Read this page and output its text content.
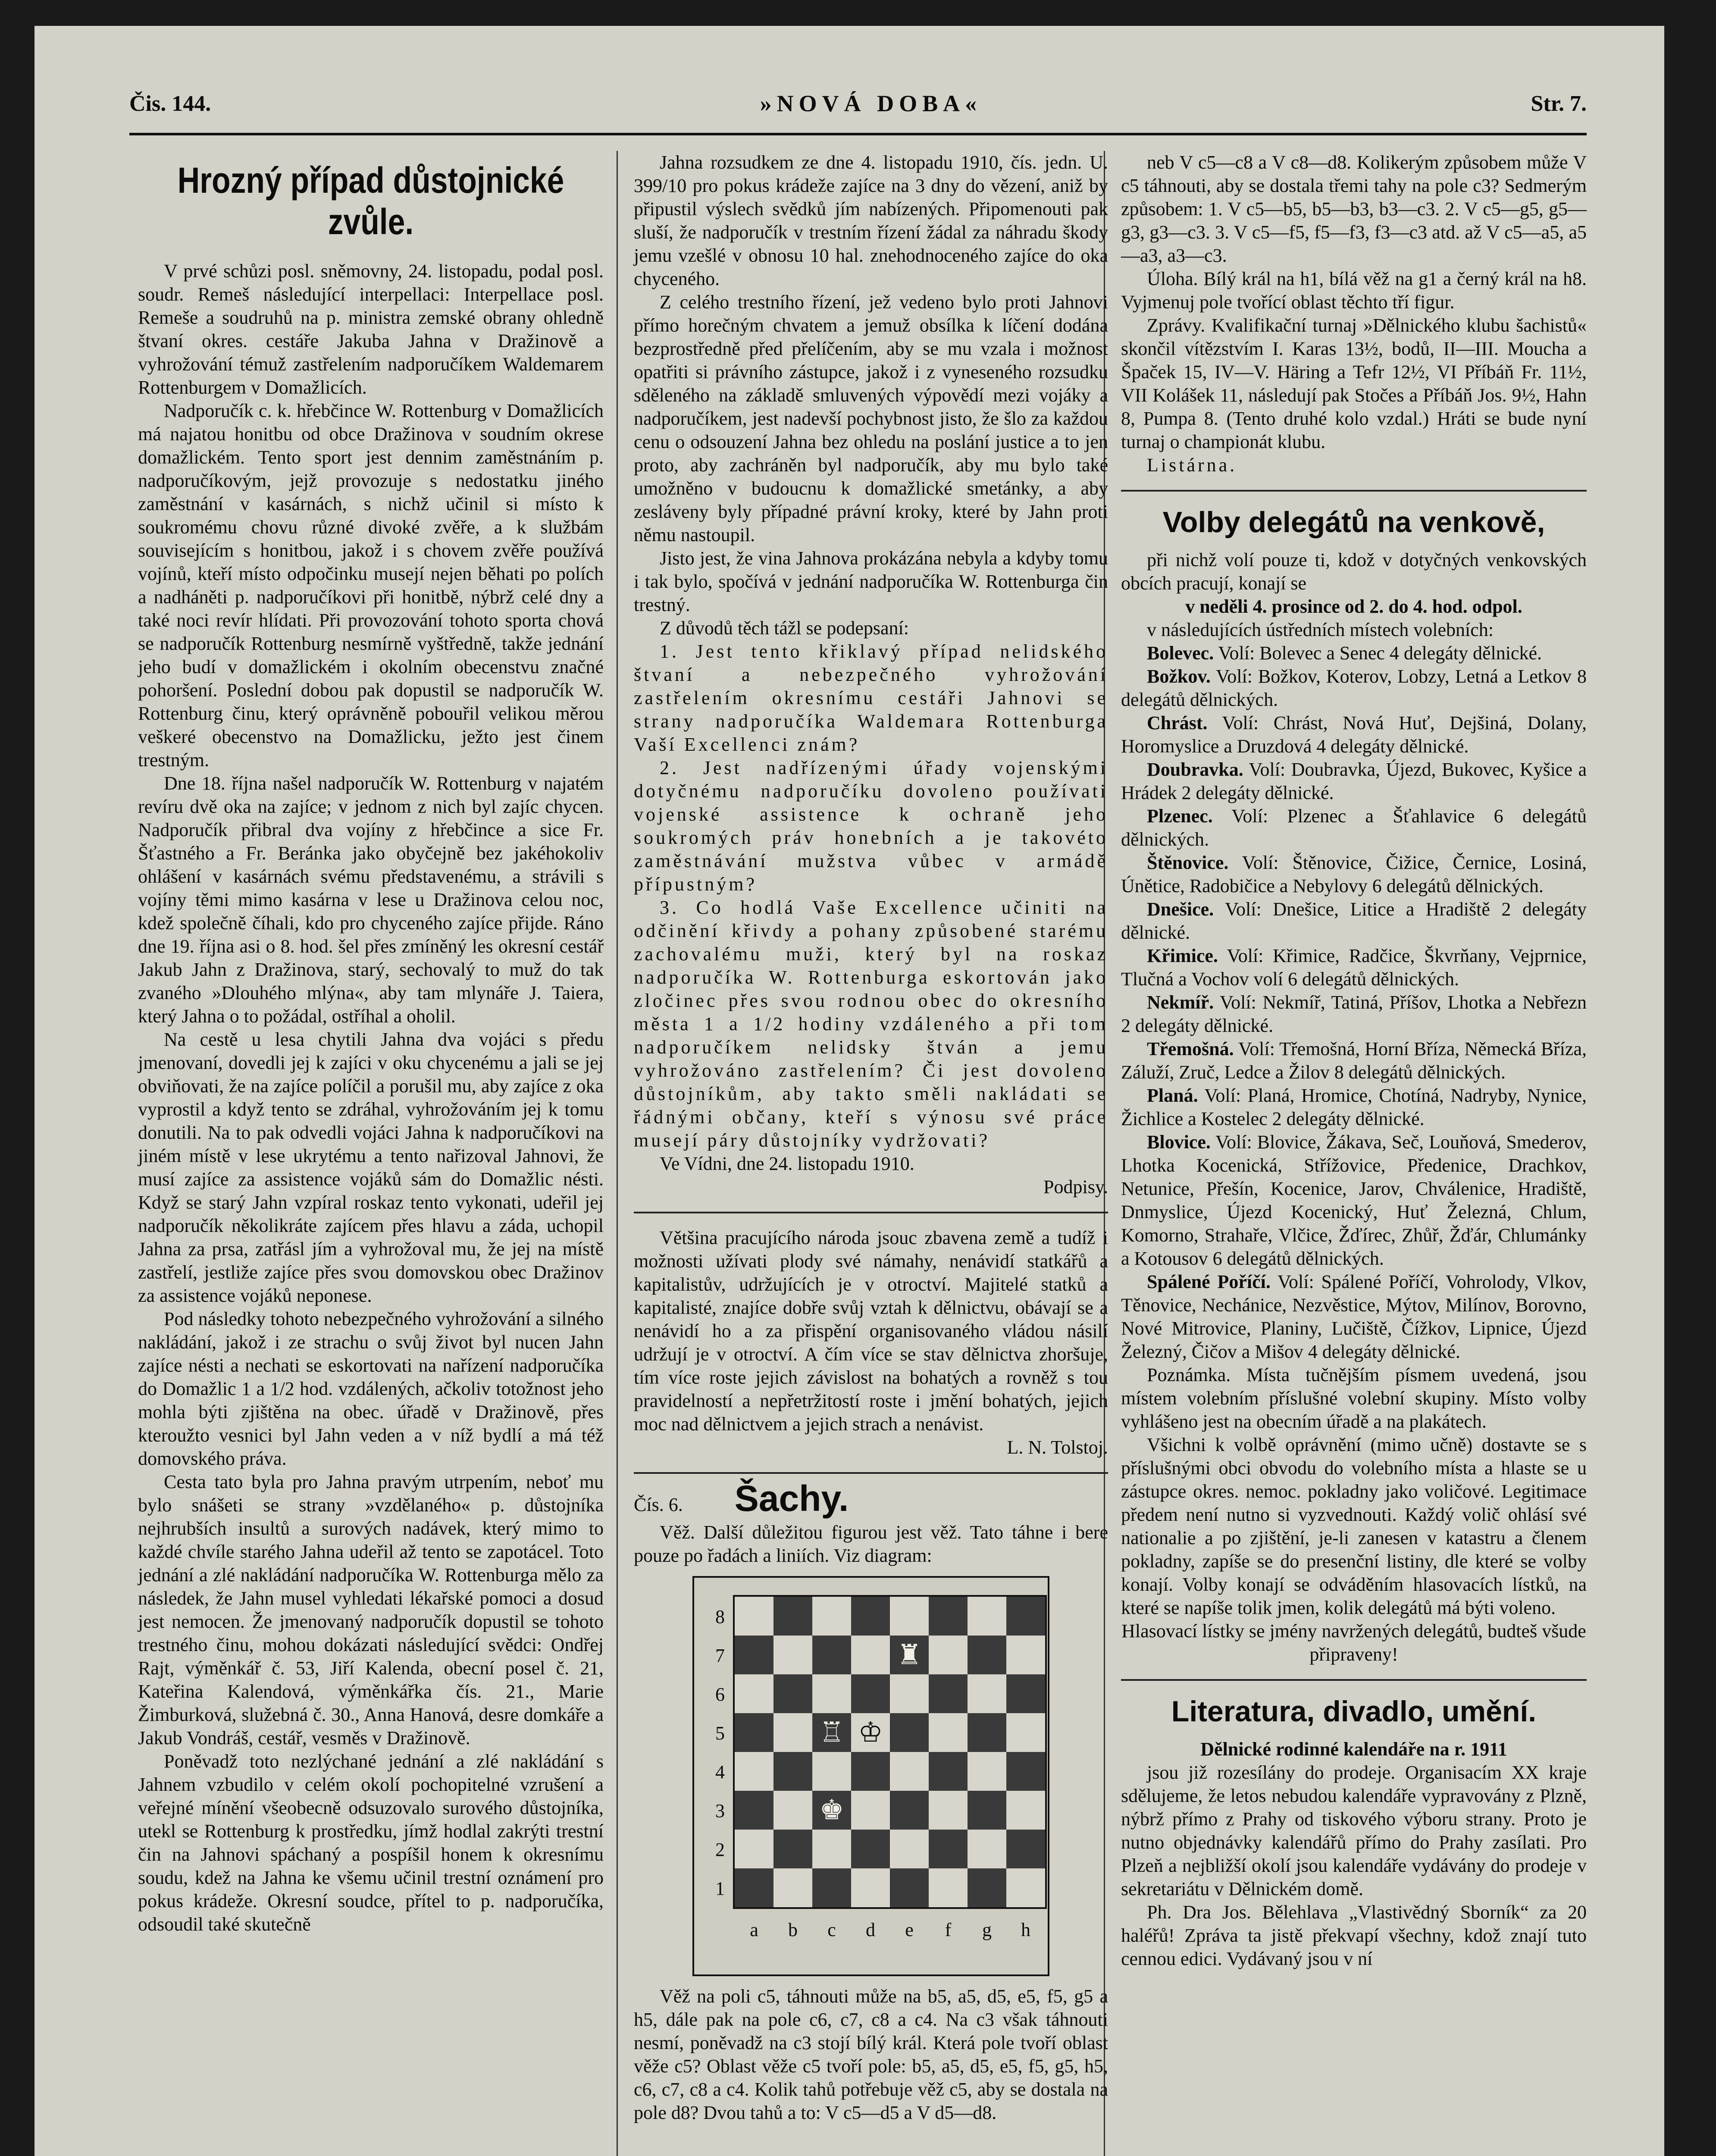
Čis. 144.	»NOVÁ DOBA«	Str. 7.
Hrozný případ důstojnické zvůle.

V prvé schůzi posl. sněmovny, 24. listopadu, podal posl. soudr. Remeš následující interpellaci: Interpellace posl. Remeše a soudruhů na p. ministra zemské obrany ohledně štvaní okres. cestáře Jakuba Jahna v Dražinově a vyhrožování témuž zastřelením nadporučíkem Waldemarem Rottenburgem v Domažlicích.

Nadporučík c. k. hřebčince W. Rottenburg v Domažlicích má najatou honitbu od obce Dražinova v soudním okrese domažlickém. Tento sport jest dennim zaměstnáním p. nadporučíkovým, jejž provozuje s nedostatku jiného zaměstnání v kasárnách, s nichž učinil si místo k soukromému chovu různé divoké zvěře, a k službám souvisejícím s honitbou, jakož i s chovem zvěře používá vojínů, kteří místo odpočinku musejí nejen běhati po polích a nadháněti p. nadporučíkovi při honitbě, nýbrž celé dny a také noci revír hlídati. Při provozování tohoto sporta chová se nadporučík Rottenburg nesmírně vyštředně, takže jednání jeho budí v domažlickém i okolním obecenstvu značné pohoršení. Poslední dobou pak dopustil se nadporučík W. Rottenburg činu, který oprávněně pobouřil velikou měrou veškeré obecenstvo na Domažlicku, ježto jest činem trestným.

Dne 18. října našel nadporučík W. Rottenburg v najatém revíru dvě oka na zajíce; v jednom z nich byl zajíc chycen. Nadporučík přibral dva vojíny z hřebčince a sice Fr. Šťastného a Fr. Beránka jako obyčejně bez jakéhokoliv ohlášení v kasárnách svému představenému, a strávili s vojíny těmi mimo kasárna v lese u Dražinova celou noc, kdež společně číhali, kdo pro chyceného zajíce přijde. Ráno dne 19. října asi o 8. hod. šel přes zmíněný les okresní cestář Jakub Jahn z Dražinova, starý, sechovalý to muž do tak zvaného »Dlouhého mlýna«, aby tam mlynáře J. Taiera, který Jahna o to požádal, ostříhal a oholil.

Na cestě u lesa chytili Jahna dva vojáci s předu jmenovaní, dovedli jej k zajíci v oku chycenému a jali se jej obviňovati, že na zajíce políčil a porušil mu, aby zajíce z oka vyprostil a když tento se zdráhal, vyhrožováním jej k tomu donutili. Na to pak odvedli vojáci Jahna k nadporučíkovi na jiném místě v lese ukrytému a tento nařizoval Jahnovi, že musí zajíce za assistence vojáků sám do Domažlic nésti. Když se starý Jahn vzpíral roskaz tento vykonati, udeřil jej nadporučík několikráte zajícem přes hlavu a záda, uchopil Jahna za prsa, zatřásl jím a vyhrožoval mu, že jej na místě zastřelí, jestliže zajíce přes svou domovskou obec Dražinov za assistence vojáků neponese.

Pod následky tohoto nebezpečného vyhrožování a silného nakládání, jakož i ze strachu o svůj život byl nucen Jahn zajíce nésti a nechati se eskortovati na nařízení nadporučíka do Domažlic 1 a 1/2 hod. vzdálených, ačkoliv totožnost jeho mohla býti zjištěna na obec. úřadě v Dražinově, přes kteroužto vesnici byl Jahn veden a v níž bydlí a má též domovského práva.

Cesta tato byla pro Jahna pravým utrpením, neboť mu bylo snášeti se strany »vzdělaného« p. důstojníka nejhrubších insultů a surových nadávek, který mimo to každé chvíle starého Jahna udeřil až tento se zapotácel. Toto jednání a zlé nakládání nadporučíka W. Rottenburga mělo za následek, že Jahn musel vyhledati lékařské pomoci a dosud jest nemocen. Že jmenovaný nadporučík dopustil se tohoto trestného činu, mohou dokázati následující svědci: Ondřej Rajt, výměnkář č. 53, Jiří Kalenda, obecní posel č. 21, Kateřina Kalendová, výměnkářka čís. 21., Marie Žimburková, služebná č. 30., Anna Hanová, desre domkáře a Jakub Vondráš, cestář, vesměs v Dražinově.

Poněvadž toto nezlýchané jednání a zlé nakládání s Jahnem vzbudilo v celém okolí pochopitelné vzrušení a veřejné mínění všeobecně odsuzovalo surového důstojníka, utekl se Rottenburg k prostředku, jímž hodlal zakrýti trestní čin na Jahnovi spáchaný a pospíšil honem k okresnímu soudu, kdež na Jahna ke všemu učinil trestní oznámení pro pokus krádeže. Okresní soudce, přítel to p. nadporučíka, odsoudil také skutečně

Jahna rozsudkem ze dne 4. listopadu 1910, čís. jedn. U. 399/10 pro pokus krádeže zajíce na 3 dny do vězení, aniž by připustil výslech svědků jím nabízených. Připomenouti pak sluší, že nadporučík v trestním řízení žádal za náhradu škody jemu vzešlé v obnosu 10 hal. znehodnoceného zajíce do oka chyceného.

Z celého trestního řízení, jež vedeno bylo proti Jahnovi přímo horečným chvatem a jemuž obsílka k líčení dodána bezprostředně před přelíčením, aby se mu vzala i možnost opatřiti si právního zástupce, jakož i z vyneseného rozsudku sděleného na základě smluvených výpovědí mezi vojáky a nadporučíkem, jest nadevší pochybnost jisto, že šlo za každou cenu o odsouzení Jahna bez ohledu na poslání justice a to jen proto, aby zachráněn byl nadporučík, aby mu bylo také umožněno v budoucnu k domažlické smetánky, a aby zesláveny byly případné právní kroky, které by Jahn proti němu nastoupil.

Jisto jest, že vina Jahnova prokázána nebyla a kdyby tomu i tak bylo, spočívá v jednání nadporučíka W. Rottenburga čin trestný.

Z důvodů těch tážl se podepsaní:

1. Jest tento křiklavý případ nelidského štvaní a nebezpečného vyhrožování zastřelením okresnímu cestáři Jahnovi se strany nadporučíka Waldemara Rottenburga Vaší Excellenci znám?

2. Jest nadřízenými úřady vojenskými dotyčnému nadporučíku dovoleno používati vojenské assistence k ochraně jeho soukromých práv honebních a je takovéto zaměstnávání mužstva vůbec v armádě přípustným?

3. Co hodlá Vaše Excellence učiniti na odčinění křivdy a pohany způsobené starému zachovalému muži, který byl na roskaz nadporučíka W. Rottenburga eskortován jako zločinec přes svou rodnou obec do okresního města 1 a 1/2 hodiny vzdáleného a při tom nadporučíkem nelidsky štván a jemu vyhrožováno zastřelením? Či jest dovoleno důstojníkům, aby takto směli nakládati se řádnými občany, kteří s výnosu své práce musejí páry důstojníky vydržovati?

Ve Vídni, dne 24. listopadu 1910.

Podpisy.

Většina pracujícího národa jsouc zbavena země a tudíž i možnosti užívati plody své námahy, nenávidí statkářů a kapitalistův, udržujících je v otroctví. Majitelé statků a kapitalisté, znajíce dobře svůj vztah k dělnictvu, obávají se a nenávidí ho a za přispění organisovaného vládou násilí udržují je v otroctví. A čím více se stav dělnictva zhoršuje, tím více roste jejich závislost na bohatých a rovněž s tou pravidelností a nepřetržitostí roste i jmění bohatých, jejich moc nad dělnictvem a jejich strach a nenávist.

L. N. Tolstoj.

Čís. 6. Šachy.

Věž. Další důležitou figurou jest věž. Tato táhne i bere pouze po řadách a liniích. Viz diagram:

♜
♖ ♔
♚
8
7
6
5
4
3
2
1
a	b	c	d	e	f	g	h

Věž na poli c5, táhnouti může na b5, a5, d5, e5, f5, g5 a h5, dále pak na pole c6, c7, c8 a c4. Na c3 však táhnouti nesmí, poněvadž na c3 stojí bílý král. Která pole tvoří oblast věže c5? Oblast věže c5 tvoří pole: b5, a5, d5, e5, f5, g5, h5, c6, c7, c8 a c4. Kolik tahů potřebuje věž c5, aby se dostala na pole d8? Dvou tahů a to: V c5—d5 a V d5—d8.

neb V c5—c8 a V c8—d8. Kolikerým způsobem může V c5 táhnouti, aby se dostala třemi tahy na pole c3? Sedmerým způsobem: 1. V c5—b5, b5—b3, b3—c3. 2. V c5—g5, g5—g3, g3—c3. 3. V c5—f5, f5—f3, f3—c3 atd. až V c5—a5, a5—a3, a3—c3.

Úloha. Bílý král na h1, bílá věž na g1 a černý král na h8. Vyjmenuj pole tvořící oblast těchto tří figur.

Zprávy. Kvalifikační turnaj »Dělnického klubu šachistů« skončil vítězstvím I. Karas 13½, bodů, II—III. Moucha a Špaček 15, IV—V. Häring a Tefr 12½, VI Příbáň Fr. 11½, VII Kolášek 11, následují pak Stočes a Příbáň Jos. 9½, Hahn 8, Pumpa 8. (Tento druhé kolo vzdal.) Hráti se bude nyní turnaj o championát klubu.

Listárna.

Volby delegátů na venkově,

při nichž volí pouze ti, kdož v dotyčných venkovských obcích pracují, konají se

v neděli 4. prosince od 2. do 4. hod. odpol.

v následujících ústředních místech volebních:

Bolevec. Volí: Bolevec a Senec 4 delegáty dělnické.

Božkov. Volí: Božkov, Koterov, Lobzy, Letná a Letkov 8 delegátů dělnických.

Chrást. Volí: Chrást, Nová Huť, Dejšiná, Dolany, Horomyslice a Druzdová 4 delegáty dělnické.

Doubravka. Volí: Doubravka, Újezd, Bukovec, Kyšice a Hrádek 2 delegáty dělnické.

Plzenec. Volí: Plzenec a Šťahlavice 6 delegátů dělnických.

Štěnovice. Volí: Štěnovice, Čižice, Černice, Losiná, Únětice, Radobičice a Nebylovy 6 delegátů dělnických.

Dnešice. Volí: Dnešice, Litice a Hradiště 2 delegáty dělnické.

Křimice. Volí: Křimice, Radčice, Škvrňany, Vejprnice, Tlučná a Vochov volí 6 delegátů dělnických.

Nekmíř. Volí: Nekmíř, Tatiná, Příšov, Lhotka a Nebřezn 2 delegáty dělnické.

Třemošná. Volí: Třemošná, Horní Bříza, Německá Bříza, Záluží, Zruč, Ledce a Žilov 8 delegátů dělnických.

Planá. Volí: Planá, Hromice, Chotíná, Nadryby, Nynice, Žichlice a Kostelec 2 delegáty dělnické.

Blovice. Volí: Blovice, Žákava, Seč, Louňová, Smederov, Lhotka Kocenická, Střížovice, Předenice, Drachkov, Netunice, Přešín, Kocenice, Jarov, Chválenice, Hradiště, Dnmyslice, Újezd Kocenický, Huť Železná, Chlum, Komorno, Strahaře, Vlčice, Žďírec, Zhůř, Žďár, Chlumánky a Kotousov 6 delegátů dělnických.

Spálené Poříčí. Volí: Spálené Poříčí, Vohrolody, Vlkov, Těnovice, Nechánice, Nezvěstice, Mýtov, Milínov, Borovno, Nové Mitrovice, Planiny, Lučiště, Čížkov, Lipnice, Újezd Železný, Čičov a Mišov 4 delegáty dělnické.

Poznámka. Místa tučnějším písmem uvedená, jsou místem volebním příslušné volební skupiny. Místo volby vyhlášeno jest na obecním úřadě a na plakátech.

Všichni k volbě oprávnění (mimo učně) dostavte se s příslušnými obci obvodu do volebního místa a hlaste se u zástupce okres. nemoc. pokladny jako voličové. Legitimace předem není nutno si vyzvednouti. Každý volič ohlásí své nationalie a po zjištění, je-li zanesen v katastru a členem pokladny, zapíše se do presenční listiny, dle které se volby konají. Volby konají se odváděním hlasovacích lístků, na které se napíše tolik jmen, kolik delegátů má býti voleno.

Hlasovací lístky se jmény navržených delegátů, budteš všude připraveny!

Literatura, divadlo, umění.

Dělnické rodinné kalendáře na r. 1911

jsou již rozesílány do prodeje. Organisacím XX kraje sdělujeme, že letos nebudou kalendáře vypravovány z Plzně, nýbrž přímo z Prahy od tiskového výboru strany. Proto je nutno objednávky kalendářů přímo do Prahy zasílati. Pro Plzeň a nejbližší okolí jsou kalendáře vydávány do prodeje v sekretariátu v Dělnickém domě.

Ph. Dra Jos. Bělehlava „Vlastivědný Sborník“ za 20 haléřů! Zpráva ta jistě překvapí všechny, kdož znají tuto cennou edici. Vydávaný jsou v ní
